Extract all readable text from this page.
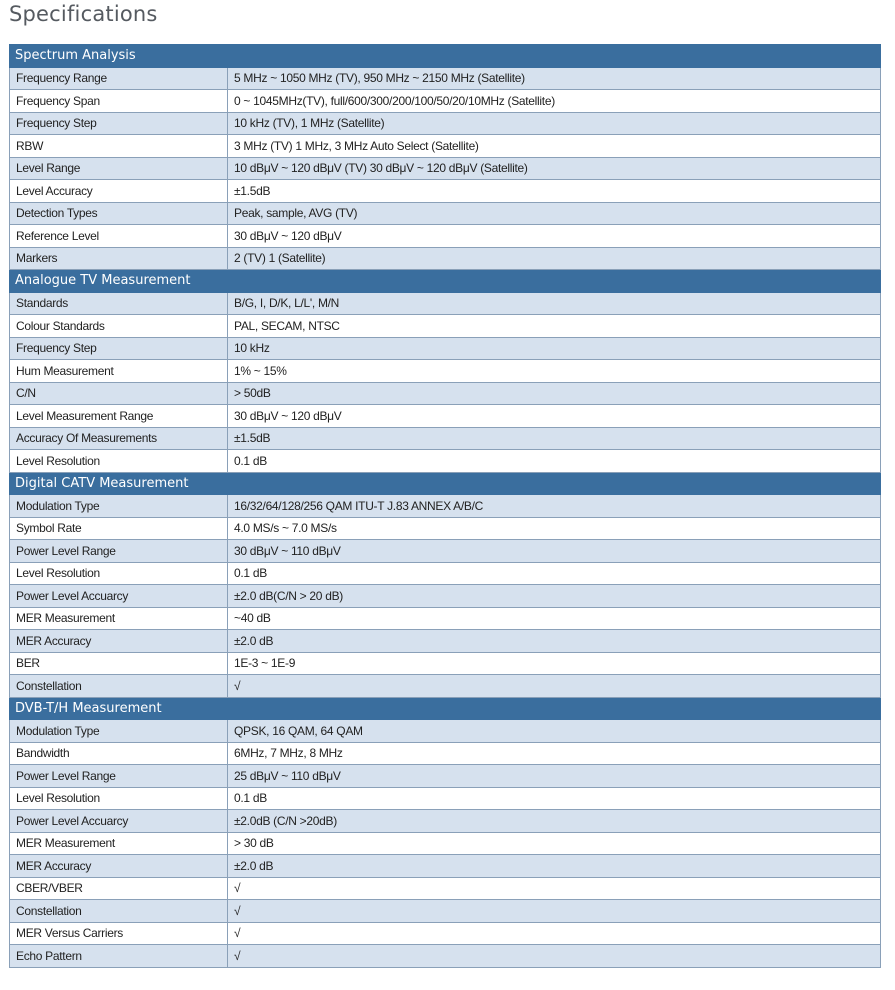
Specifications
Spectrum Analysis	
Frequency Range	5 MHz ~ 1050 MHz (TV), 950 MHz ~ 2150 MHz (Satellite)
Frequency Span	0 ~ 1045MHz(TV), full/600/300/200/100/50/20/10MHz (Satellite)
Frequency Step	10 kHz (TV), 1 MHz (Satellite)
RBW	3 MHz (TV) 1 MHz, 3 MHz Auto Select (Satellite)
Level Range	10 dBμV ~ 120 dBμV (TV) 30 dBμV ~ 120 dBμV (Satellite)
Level Accuracy	±1.5dB
Detection Types	Peak, sample, AVG (TV)
Reference Level	30 dBμV ~ 120 dBμV
Markers	2 (TV) 1 (Satellite)
Analogue TV Measurement	
Standards	B/G, I, D/K, L/L', M/N
Colour Standards	PAL, SECAM, NTSC
Frequency Step	10 kHz
Hum Measurement	1% ~ 15%
C/N	> 50dB
Level Measurement Range	30 dBμV ~ 120 dBμV
Accuracy Of Measurements	±1.5dB
Level Resolution	0.1 dB
Digital CATV Measurement	
Modulation Type	16/32/64/128/256 QAM ITU-T J.83 ANNEX A/B/C
Symbol Rate	4.0 MS/s ~ 7.0 MS/s
Power Level Range	30 dBμV ~ 110 dBμV
Level Resolution	0.1 dB
Power Level Accuarcy	±2.0 dB(C/N > 20 dB)
MER Measurement	~40 dB
MER Accuracy	±2.0 dB
BER	1E-3 ~ 1E-9
Constellation	√
DVB-T/H Measurement	
Modulation Type	QPSK, 16 QAM, 64 QAM
Bandwidth	6MHz, 7 MHz, 8 MHz
Power Level Range	25 dBμV ~ 110 dBμV
Level Resolution	0.1 dB
Power Level Accuarcy	±2.0dB (C/N >20dB)
MER Measurement	> 30 dB
MER Accuracy	±2.0 dB
CBER/VBER	√
Constellation	√
MER Versus Carriers	√
Echo Pattern	√
